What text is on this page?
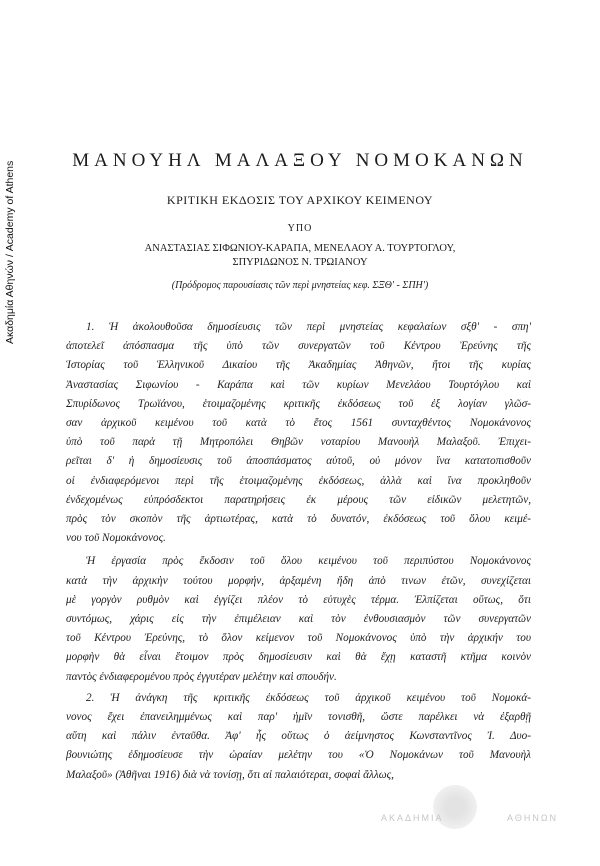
Ακαδημία Αθηνών / Academy of Athens
ΜΑΝΟΥΗΛ ΜΑΛΑΞΟΥ ΝΟΜΟΚΑΝΩΝ
ΚΡΙΤΙΚΗ ΕΚΔΟΣΙΣ ΤΟΥ ΑΡΧΙΚΟΥ ΚΕΙΜΕΝΟΥ
ΥΠΟ
ΑΝΑΣΤΑΣΙΑΣ ΣΙΦΩΝΙΟΥ-ΚΑΡΑΠΑ, ΜΕΝΕΛΑΟΥ Α. ΤΟΥΡΤΟΓΛΟΥ,
ΣΠΥΡΙΔΩΝΟΣ Ν. ΤΡΩΙΑΝΟΥ
(Πρόδρομος παρουσίασις τῶν περὶ μνηστείας κεφ. ΣΞΘ' - ΣΠΗ')
1. Ἡ ἀκολουθοῦσα δημοσίευσις τῶν περὶ μνηστείας κεφαλαίων σξθ' - σπη'
ἀποτελεῖ ἀπόσπασμα τῆς ὑπὸ τῶν συνεργατῶν τοῦ Κέντρου Ἐρεύνης τῆς
Ἱστορίας τοῦ Ἑλληνικοῦ Δικαίου τῆς Ἀκαδημίας Ἀθηνῶν, ἤτοι τῆς κυρίας
Ἀναστασίας Σιφωνίου - Καράπα καὶ τῶν κυρίων Μενελάου Τουρτόγλου καὶ
Σπυρίδωνος Τρωϊάνου, ἑτοιμαζομένης κριτικῆς ἐκδόσεως τοῦ ἐξ λογίαν γλῶσ-
σαν ἀρχικοῦ κειμένου τοῦ κατὰ τὸ ἔτος 1561 συνταχθέντος Νομοκάνονος
ὑπὸ τοῦ παρὰ τῇ Μητροπόλει Θηβῶν νοταρίου Μανουὴλ Μαλαξοῦ. Ἐπιχει-
ρεῖται δ' ἡ δημοσίευσις τοῦ ἀποσπάσματος αὐτοῦ, οὐ μόνον ἵνα κατατοπισθοῦν
οἱ ἐνδιαφερόμενοι περὶ τῆς ἑτοιμαζομένης ἐκδόσεως, ἀλλὰ καὶ ἵνα προκληθοῦν
ἐνδεχομένως εὐπρόσδεκτοι παρατηρήσεις ἐκ μέρους τῶν εἰδικῶν μελετητῶν,
πρὸς τὸν σκοπὸν τῆς ἀρτιωτέρας, κατὰ τὸ δυνατόν, ἐκδόσεως τοῦ ὅλου κειμέ-
νου τοῦ Νομοκάνονος.
Ἡ ἐργασία πρὸς ἔκδοσιν τοῦ ὅλου κειμένου τοῦ περιπύστου Νομοκάνονος
κατὰ τὴν ἀρχικὴν τούτου μορφήν, ἀρξαμένη ἤδη ἀπὸ τινων ἐτῶν, συνεχίζεται
μὲ γοργὸν ρυθμὸν καὶ ἐγγίζει πλέον τὸ εὐτυχὲς τέρμα. Ἐλπίζεται οὕτως, ὅτι
συντόμως, χάρις εἰς τὴν ἐπιμέλειαν καὶ τὸν ἐνθουσιασμὸν τῶν συνεργατῶν
τοῦ Κέντρου Ἐρεύνης, τὸ ὅλον κείμενον τοῦ Νομοκάνονος ὑπὸ τὴν ἀρχικήν του
μορφὴν θὰ εἶναι ἕτοιμον πρὸς δημοσίευσιν καὶ θὰ ἔχῃ καταστῆ κτῆμα κοινὸν
παντὸς ἐνδιαφερομένου πρὸς ἐγγυτέραν μελέτην καὶ σπουδήν.
2. Ἡ ἀνάγκη τῆς κριτικῆς ἐκδόσεως τοῦ ἀρχικοῦ κειμένου τοῦ Νομοκά-
νονος ἔχει ἐπανειλημμένως καὶ παρ' ἡμῖν τονισθῆ, ὥστε παρέλκει νὰ ἐξαρθῇ
αὕτη καὶ πάλιν ἐνταῦθα. Ἀφ' ἧς οὕτως ὁ ἀείμνηστος Κωνσταντῖνος Ἰ. Δυο-
βουνιώτης ἐδημοσίευσε τὴν ὡραίαν μελέτην του «Ὁ Νομοκάνων τοῦ Μανουὴλ
Μαλαξοῦ» (Ἀθῆναι 1916) διὰ νὰ τονίσῃ, ὅτι αἱ παλαιότεραι, σοφαὶ ἄλλως,
ΑΚΑΔΗΜΙΑ	ΑΘΗΝΩΝ
